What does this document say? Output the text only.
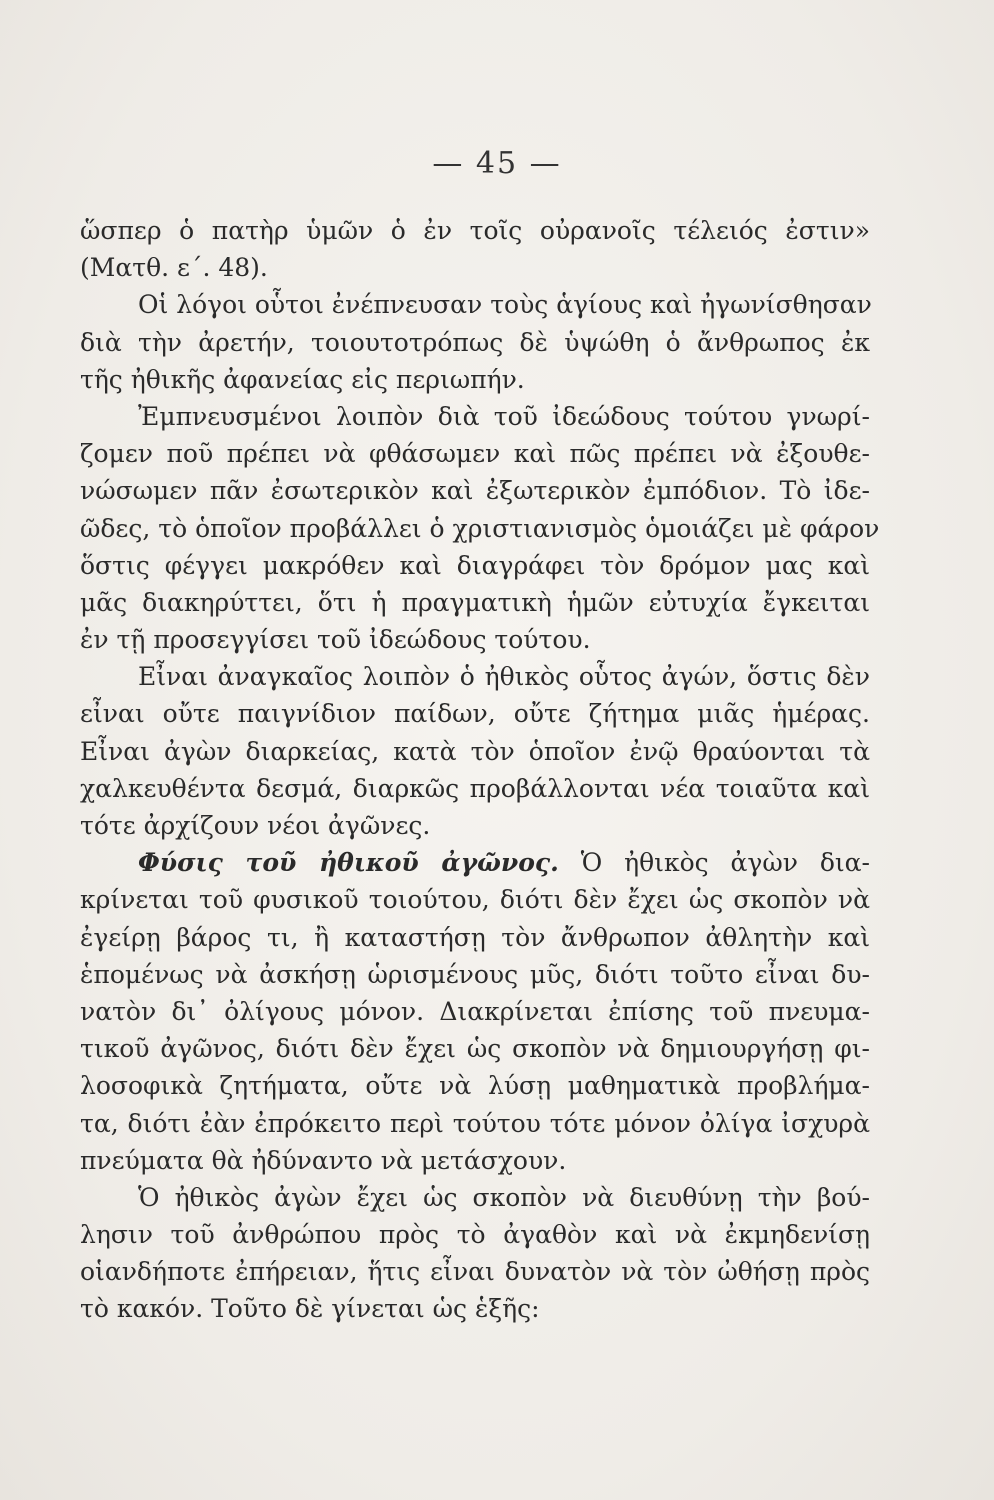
— 45 —
ὥσπερ ὁ πατὴρ ὑμῶν ὁ ἐν τοῖς οὐρανοῖς τέλειός ἐστιν»
(Ματθ. ε΄. 48).
Οἱ λόγοι οὗτοι ἐνέπνευσαν τοὺς ἁγίους καὶ ἠγωνίσθησαν
διὰ τὴν ἀρετήν, τοιουτοτρόπως δὲ ὑψώθη ὁ ἄνθρωπος ἐκ
τῆς ἠθικῆς ἀφανείας εἰς περιωπήν.
Ἐμπνευσμένοι λοιπὸν διὰ τοῦ ἰδεώδους τούτου γνωρί-
ζομεν ποῦ πρέπει νὰ φθάσωμεν καὶ πῶς πρέπει νὰ ἐξουθε-
νώσωμεν πᾶν ἐσωτερικὸν καὶ ἐξωτερικὸν ἐμπόδιον. Τὸ ἰδε-
ῶδες, τὸ ὁποῖον προβάλλει ὁ χριστιανισμὸς ὁμοιάζει μὲ φάρον
ὅστις φέγγει μακρόθεν καὶ διαγράφει τὸν δρόμον μας καὶ
μᾶς διακηρύττει, ὅτι ἡ πραγματικὴ ἡμῶν εὐτυχία ἔγκειται
ἐν τῇ προσεγγίσει τοῦ ἰδεώδους τούτου.
Εἶναι ἀναγκαῖος λοιπὸν ὁ ἠθικὸς οὗτος ἀγών, ὅστις δὲν
εἶναι οὔτε παιγνίδιον παίδων, οὔτε ζήτημα μιᾶς ἡμέρας.
Εἶναι ἀγὼν διαρκείας, κατὰ τὸν ὁποῖον ἐνῷ θραύονται τὰ
χαλκευθέντα δεσμά, διαρκῶς προβάλλονται νέα τοιαῦτα καὶ
τότε ἀρχίζουν νέοι ἀγῶνες.
Φύσις τοῦ ἠθικοῦ ἀγῶνος. Ὁ ἠθικὸς ἀγὼν δια-
κρίνεται τοῦ φυσικοῦ τοιούτου, διότι δὲν ἔχει ὡς σκοπὸν νὰ
ἐγείρῃ βάρος τι, ἢ καταστήσῃ τὸν ἄνθρωπον ἀθλητὴν καὶ
ἑπομένως νὰ ἀσκήσῃ ὡρισμένους μῦς, διότι τοῦτο εἶναι δυ-
νατὸν δι᾽ ὀλίγους μόνον. Διακρίνεται ἐπίσης τοῦ πνευμα-
τικοῦ ἀγῶνος, διότι δὲν ἔχει ὡς σκοπὸν νὰ δημιουργήσῃ φι-
λοσοφικὰ ζητήματα, οὔτε νὰ λύσῃ μαθηματικὰ προβλήμα-
τα, διότι ἐὰν ἐπρόκειτο περὶ τούτου τότε μόνον ὀλίγα ἰσχυρὰ
πνεύματα θὰ ἠδύναντο νὰ μετάσχουν.
Ὁ ἠθικὸς ἀγὼν ἔχει ὡς σκοπὸν νὰ διευθύνῃ τὴν βού-
λησιν τοῦ ἀνθρώπου πρὸς τὸ ἀγαθὸν καὶ νὰ ἐκμηδενίσῃ
οἱανδήποτε ἐπήρειαν, ἥτις εἶναι δυνατὸν νὰ τὸν ὠθήσῃ πρὸς
τὸ κακόν. Τοῦτο δὲ γίνεται ὡς ἑξῆς:
